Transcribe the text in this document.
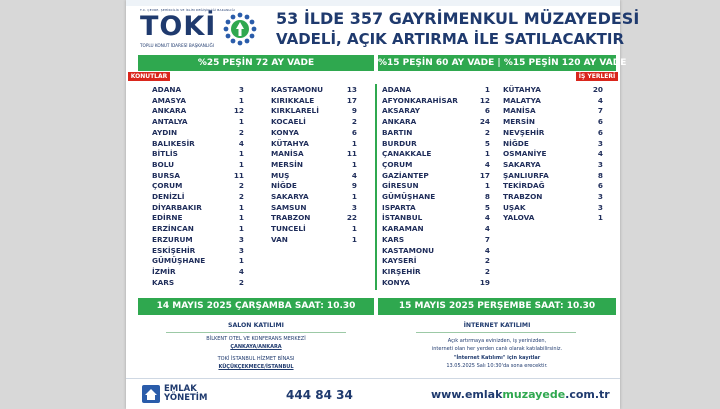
T.C. ÇEVRE, ŞEHİRCİLİK VE İKLİM DEĞİŞİKLİĞİ BAKANLIĞI
TOKİ
TOPLU KONUT İDARESİ BAŞKANLIĞI
53 İLDE 357 GAYRİMENKUL MÜZAYEDESİ
VADELİ, AÇIK ARTIRMA İLE SATILACAKTIR
%25 PEŞİN 72 AY VADE
KONUTLAR
ADANA	3
AMASYA	1
ANKARA	12
ANTALYA	1
AYDIN	2
BALIKESİR	4
BİTLİS	1
BOLU	1
BURSA	11
ÇORUM	2
DENİZLİ	2
DİYARBAKIR	1
EDİRNE	1
ERZİNCAN	1
ERZURUM	3
ESKİŞEHİR	3
GÜMÜŞHANE	1
İZMİR	4
KARS	2
KASTAMONU	13
KIRIKKALE	17
KIRKLARELİ	9
KOCAELİ	2
KONYA	6
KÜTAHYA	1
MANİSA	11
MERSİN	1
MUŞ	4
NİĞDE	9
SAKARYA	1
SAMSUN	3
TRABZON	22
TUNCELİ	1
VAN	1
%15 PEŞİN 60 AY VADE | %15 PEŞİN 120 AY VADE
İŞ YERLERİ
ADANA	1
AFYONKARAHİSAR	12
AKSARAY	6
ANKARA	24
BARTIN	2
BURDUR	5
ÇANAKKALE	1
ÇORUM	4
GAZİANTEP	17
GİRESUN	1
GÜMÜŞHANE	8
ISPARTA	5
İSTANBUL	4
KARAMAN	4
KARS	7
KASTAMONU	4
KAYSERİ	2
KIRŞEHİR	2
KONYA	19
KÜTAHYA	20
MALATYA	4
MANİSA	7
MERSİN	6
NEVŞEHİR	6
NİĞDE	3
OSMANİYE	4
SAKARYA	3
ŞANLIURFA	8
TEKİRDAĞ	6
TRABZON	3
UŞAK	3
YALOVA	1
14 MAYIS 2025 ÇARŞAMBA SAAT: 10.30	15 MAYIS 2025 PERŞEMBE SAAT: 10.30
SALON KATILIMI
BİLKENT OTEL VE KONFERANS MERKEZİ
ÇANKAYA/ANKARA
TOKİ İSTANBUL HİZMET BİNASI
KÜÇÜKÇEKMECE/İSTANBUL
İNTERNET KATILIMI
Açık artırmaya evinizden, iş yerinizden,
interneti olan her yerden canlı olarak katılabilirsiniz.
"İnternet Katılımı" için kayıtlar
13.05.2025 Salı 10:30'da sona erecektir.
EMLAK
YÖNETİM	444 84 34	www.emlakmuzayede.com.tr
